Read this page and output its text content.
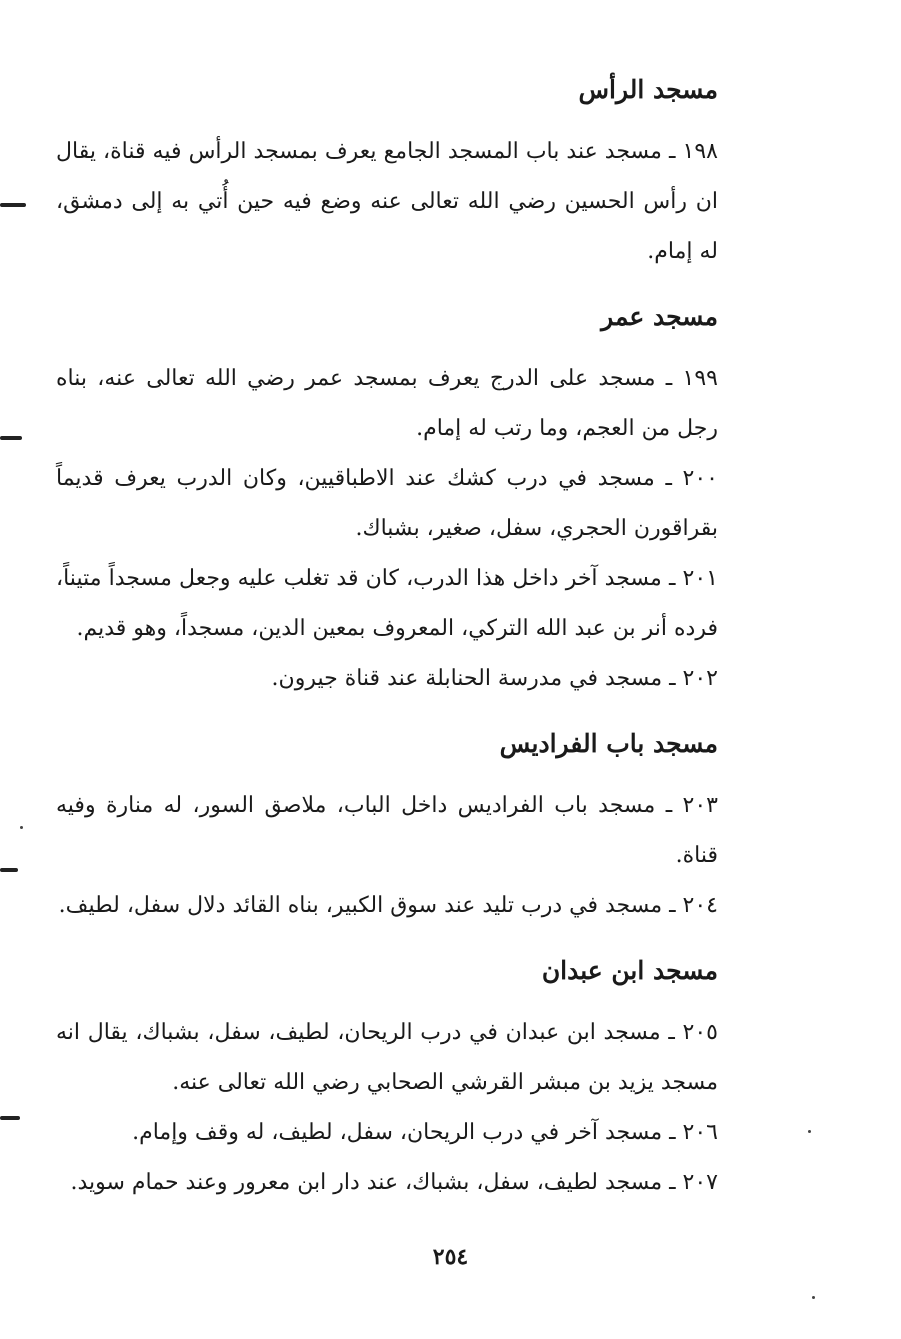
مسجد الرأس

١٩٨ ـ مسجد عند باب المسجد الجامع يعرف بمسجد الرأس فيه قناة، يقال ان رأس الحسين رضي الله تعالى عنه وضع فيه حين أُتي به إلى دمشق، له إمام.

مسجد عمر

١٩٩ ـ مسجد على الدرج يعرف بمسجد عمر رضي الله تعالى عنه، بناه رجل من العجم، وما رتب له إمام.

٢٠٠ ـ مسجد في درب كشك عند الاطباقيين، وكان الدرب يعرف قديماً بقراقورن الحجري، سفل، صغير، بشباك.

٢٠١ ـ مسجد آخر داخل هذا الدرب، كان قد تغلب عليه وجعل مسجداً متيناً، فرده أنر بن عبد الله التركي، المعروف بمعين الدين، مسجداً، وهو قديم.

٢٠٢ ـ مسجد في مدرسة الحنابلة عند قناة جيرون.

مسجد باب الفراديس

٢٠٣ ـ مسجد باب الفراديس داخل الباب، ملاصق السور، له منارة وفيه قناة.

٢٠٤ ـ مسجد في درب تليد عند سوق الكبير، بناه القائد دلال سفل، لطيف.

مسجد ابن عبدان

٢٠٥ ـ مسجد ابن عبدان في درب الريحان، لطيف، سفل، بشباك، يقال انه مسجد يزيد بن مبشر القرشي الصحابي رضي الله تعالى عنه.

٢٠٦ ـ مسجد آخر في درب الريحان، سفل، لطيف، له وقف وإمام.

٢٠٧ ـ مسجد لطيف، سفل، بشباك، عند دار ابن معرور وعند حمام سويد.

٢٥٤
